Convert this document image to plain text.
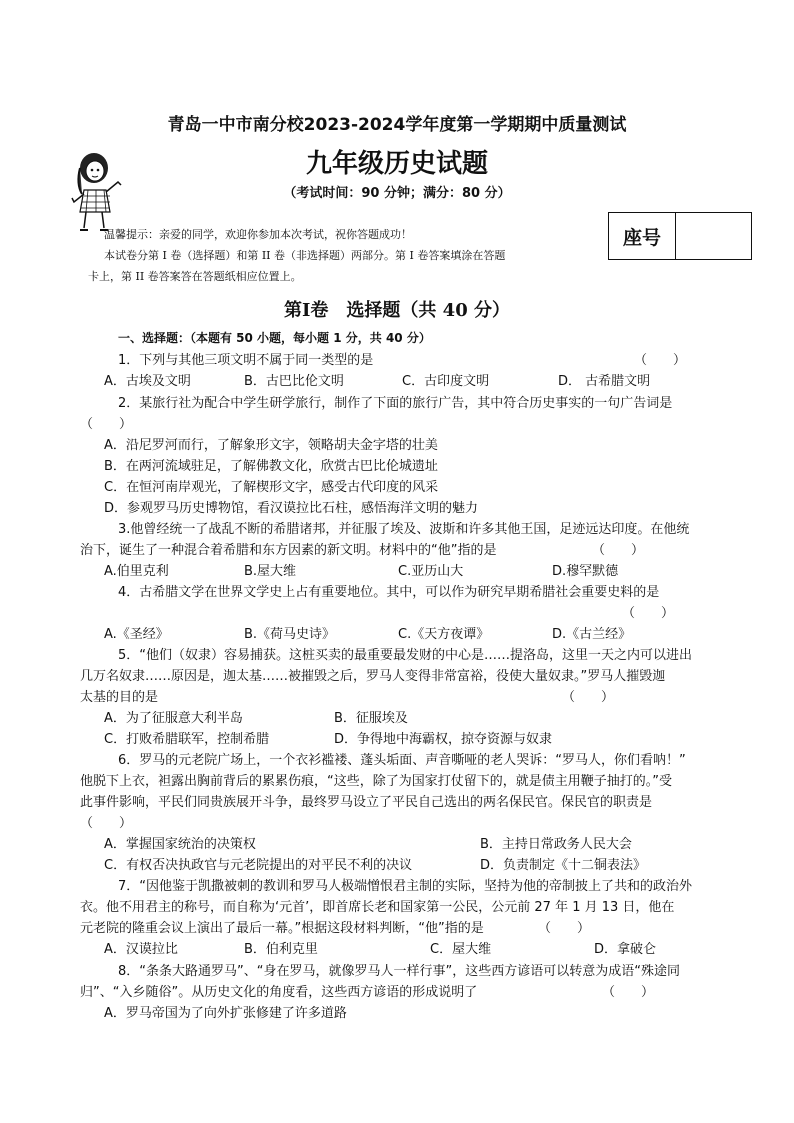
青岛一中市南分校2023-2024学年度第一学期期中质量测试
九年级历史试题
（考试时间：90 分钟；满分：80 分）
座号
温馨提示：亲爱的同学，欢迎你参加本次考试，祝你答题成功！
本试卷分第 I 卷（选择题）和第 II 卷（非选择题）两部分。第 I 卷答案填涂在答题
卡上，第 II 卷答案答在答题纸相应位置上。
第Ⅰ卷　选择题（共 40 分）
一、选择题：（本题有 50 小题，每小题 1 分，共 40 分）
1．下列与其他三项文明不属于同一类型的是	（　　）
A．古埃及文明	B．古巴比伦文明	C．古印度文明	D． 古希腊文明
2．某旅行社为配合中学生研学旅行，制作了下面的旅行广告，其中符合历史事实的一句广告词是
（　　）
A．沿尼罗河而行，了解象形文字，领略胡夫金字塔的壮美
B．在两河流域驻足，了解佛教文化，欣赏古巴比伦城遗址
C．在恒河南岸观光，了解楔形文字，感受古代印度的风采
D．参观罗马历史博物馆，看汉谟拉比石柱，感悟海洋文明的魅力
3.他曾经统一了战乱不断的希腊诸邦，并征服了埃及、波斯和许多其他王国，足迹远达印度。在他统
治下，诞生了一种混合着希腊和东方因素的新文明。材料中的“他”指的是	（　　）
A.伯里克利	B.屋大维	C.亚历山大	D.穆罕默德
4．古希腊文学在世界文学史上占有重要地位。其中，可以作为研究早期希腊社会重要史料的是
（　　）
A.《圣经》	B.《荷马史诗》	C.《天方夜谭》	D.《古兰经》
5．“他们（奴隶）容易捕获。这桩买卖的最重要最发财的中心是……提洛岛，这里一天之内可以进出
几万名奴隶……原因是，迦太基……被摧毁之后，罗马人变得非常富裕，役使大量奴隶。”罗马人摧毁迦
太基的目的是	（　　）
A．为了征服意大利半岛	B．征服埃及
C．打败希腊联军，控制希腊	D．争得地中海霸权，掠夺资源与奴隶
6．罗马的元老院广场上，一个衣衫褴褛、蓬头垢面、声音嘶哑的老人哭诉：“罗马人，你们看呐！”
他脱下上衣，袒露出胸前背后的累累伤痕，“这些，除了为国家打仗留下的，就是债主用鞭子抽打的。”受
此事件影响，平民们同贵族展开斗争，最终罗马设立了平民自己选出的两名保民官。保民官的职责是
（　　）
A．掌握国家统治的决策权	B．主持日常政务人民大会
C．有权否决执政官与元老院提出的对平民不利的决议	D．负责制定《十二铜表法》
7．“因他鉴于凯撒被刺的教训和罗马人极端憎恨君主制的实际，坚持为他的帝制披上了共和的政治外
衣。他不用君主的称号，而自称为‘元首’，即首席长老和国家第一公民，公元前 27 年 1 月 13 日，他在
元老院的隆重会议上演出了最后一幕。”根据这段材料判断，“他”指的是	（　　）
A．汉谟拉比	B．伯利克里	C．屋大维	D．拿破仑
8．“条条大路通罗马”、“身在罗马，就像罗马人一样行事”，这些西方谚语可以转意为成语“殊途同
归”、“入乡随俗”。从历史文化的角度看，这些西方谚语的形成说明了	（　　）
A．罗马帝国为了向外扩张修建了许多道路
